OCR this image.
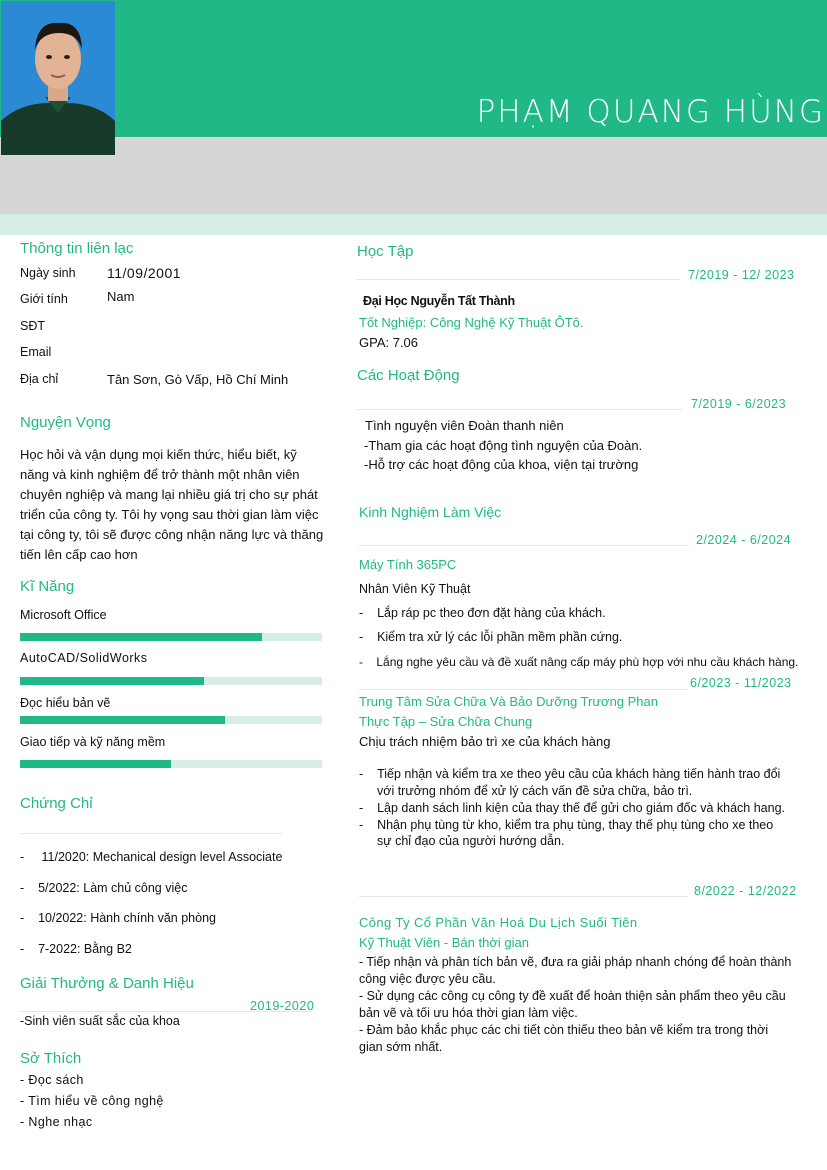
PHẠM QUANG HÙNG
Thông tin liên lạc
Ngày sinh 11/09/2001
Giới tính	Nam
SĐT
Email
Địa chỉ	Tân Sơn, Gò Vấp, Hồ Chí Minh
Nguyện Vọng
Học hỏi và vận dụng mọi kiến thức, hiểu biết, kỹ
năng và kinh nghiệm để trở thành một nhân viên
chuyên nghiệp và mang lại nhiều giá trị cho sự phát
triển của công ty. Tôi hy vọng sau thời gian làm việc
tại công ty, tôi sẽ được công nhận năng lực và thăng
tiến lên cấp cao hơn
Kĩ Năng
Microsoft Office
AutoCAD/SolidWorks
Đọc hiểu bản vẽ
Giao tiếp và kỹ năng mềm
Chứng Chỉ
-     11/2020: Mechanical design level Associate
-    5/2022: Làm chủ công việc
-    10/2022: Hành chính văn phòng
-    7-2022: Bằng B2
Giải Thưởng & Danh Hiệu
2019-2020
-Sinh viên suất sắc của khoa
Sở Thích
- Đọc sách
- Tìm hiểu về công nghệ
- Nghe nhạc
Học Tập
7/2019 - 12/ 2023
Đại Học Nguyễn Tất Thành
Tốt Nghiệp: Công Nghệ Kỹ Thuật ÔTô.
GPA: 7.06
Các Hoạt Động
7/2019 - 6/2023
Tình nguyện viên Đoàn thanh niên
-Tham gia các hoạt động tình nguyện của Đoàn.
-Hỗ trợ các hoạt động của khoa, viện tại trường
Kinh Nghiệm Làm Việc
2/2024 - 6/2024
Máy Tính 365PC
Nhân Viên Kỹ Thuật
-    Lắp ráp pc theo đơn đặt hàng của khách.
-    Kiểm tra xử lý các lỗi phần mềm phần cứng.
-    Lắng nghe yêu cầu và đề xuất nâng cấp máy phù hợp với nhu cầu khách hàng.
6/2023 - 11/2023
Trung Tâm Sửa Chữa Và Bảo Dưỡng Trương Phan
Thực Tập – Sửa Chữa Chung
Chịu trách nhiệm bảo trì xe của khách hàng
-    Tiếp nhận và kiểm tra xe theo yêu cầu của khách hàng tiến hành trao đổi
với trưởng nhóm để xử lý cách vấn đề sửa chữa, bảo trì.
-    Lập danh sách linh kiện của thay thế để gửi cho giám đốc và khách hang.
-    Nhận phụ tùng từ kho, kiểm tra phụ tùng, thay thế phụ tùng cho xe theo
sự chỉ đạo của người hướng dẫn.
8/2022 - 12/2022
Công Ty Cổ Phần Văn Hoá Du Lịch Suối Tiên
Kỹ Thuật Viên - Bán thời gian
- Tiếp nhận và phân tích bản vẽ, đưa ra giải pháp nhanh chóng để hoàn thành
công việc được yêu cầu.
- Sử dụng các công cụ công ty đề xuất để hoàn thiện sản phẩm theo yêu cầu
bản vẽ và tối ưu hóa thời gian làm việc.
- Đảm bảo khắc phục các chi tiết còn thiếu theo bản vẽ kiểm tra trong thời
gian sớm nhất.
